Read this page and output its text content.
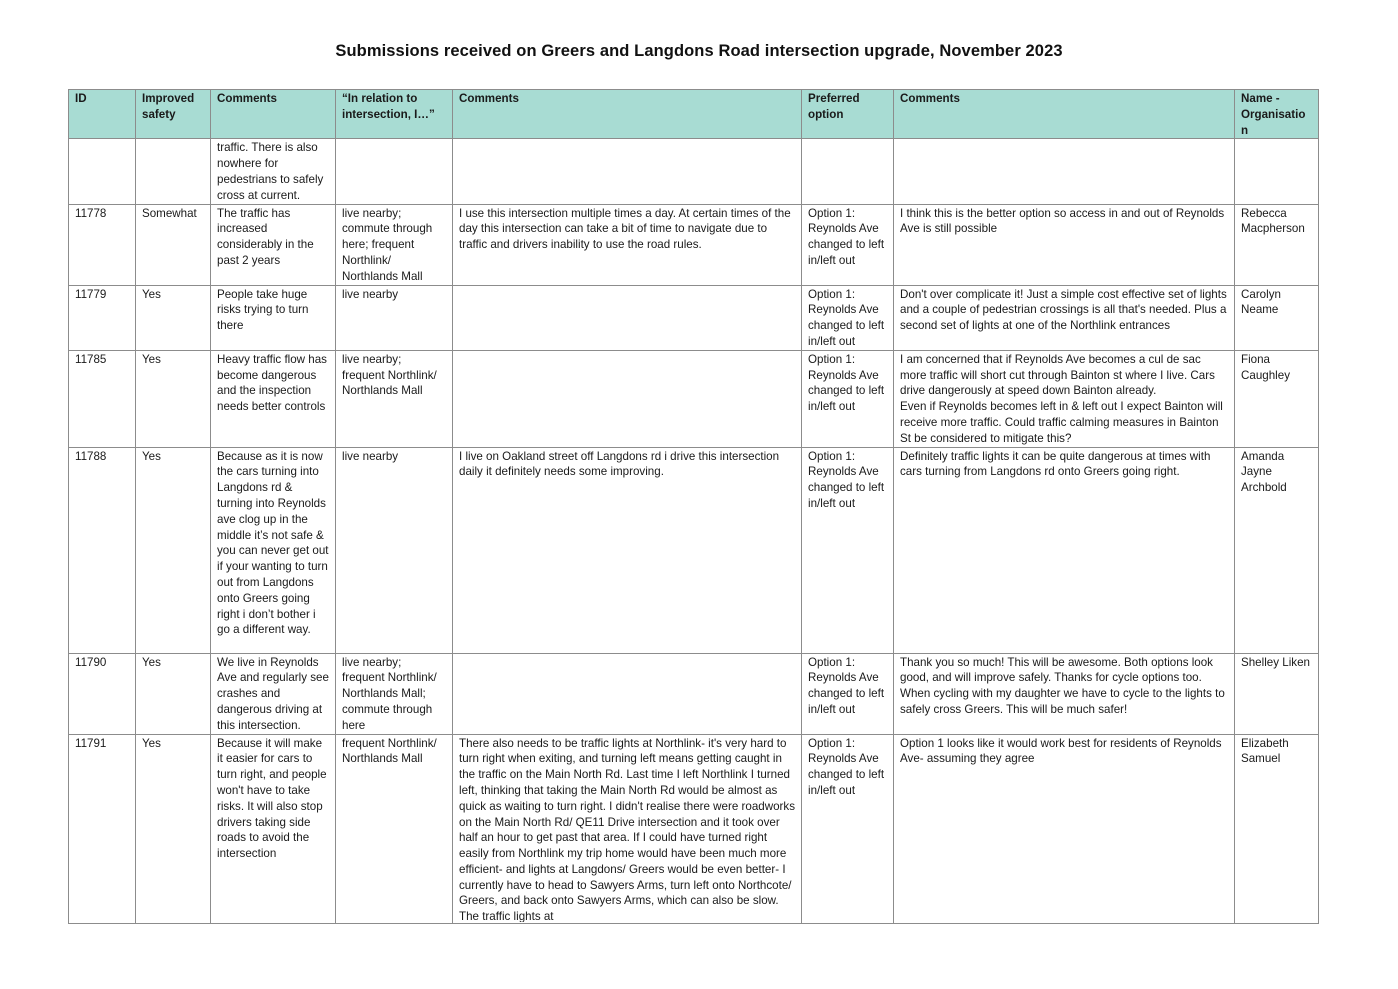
Submissions received on Greers and Langdons Road intersection upgrade, November 2023
ID	Improved safety	Comments	“In relation to intersection, I…”	Comments	Preferred option	Comments	Name - Organisation
		traffic. There is also nowhere for pedestrians to safely cross at current.					
11778	Somewhat	The traffic has increased considerably in the past 2 years	live nearby; commute through here; frequent Northlink/ Northlands Mall	I use this intersection multiple times a day. At certain times of the day this intersection can take a bit of time to navigate due to traffic and drivers inability to use the road rules.	Option 1: Reynolds Ave changed to left in/left out	I think this is the better option so access in and out of Reynolds Ave is still possible	Rebecca Macpherson
11779	Yes	People take huge risks trying to turn there	live nearby		Option 1: Reynolds Ave changed to left in/left out	Don't over complicate it! Just a simple cost effective set of lights and a couple of pedestrian crossings is all that's needed. Plus a second set of lights at one of the Northlink entrances	Carolyn Neame
11785	Yes	Heavy traffic flow has become dangerous and the inspection needs better controls	live nearby; frequent Northlink/ Northlands Mall		Option 1: Reynolds Ave changed to left in/left out	I am concerned that if Reynolds Ave becomes a cul de sac more traffic will short cut through Bainton st where I live. Cars drive dangerously at speed down Bainton already.
Even if Reynolds becomes left in & left out I expect Bainton will receive more traffic. Could traffic calming measures in Bainton St be considered to mitigate this?	Fiona Caughley
11788	Yes	Because as it is now the cars turning into Langdons rd & turning into Reynolds ave clog up in the middle it’s not safe & you can never get out if your wanting to turn out from Langdons onto Greers going right i don’t bother i go a different way.	live nearby	I live on Oakland street off Langdons rd i drive this intersection daily it definitely needs some improving.	Option 1: Reynolds Ave changed to left in/left out	Definitely traffic lights it can be quite dangerous at times with cars turning from Langdons rd onto Greers going right.	Amanda Jayne Archbold
11790	Yes	We live in Reynolds Ave and regularly see crashes and dangerous driving at this intersection.	live nearby; frequent Northlink/ Northlands Mall; commute through here		Option 1: Reynolds Ave changed to left in/left out	Thank you so much! This will be awesome. Both options look good, and will improve safely. Thanks for cycle options too. When cycling with my daughter we have to cycle to the lights to safely cross Greers. This will be much safer!	Shelley Liken
11791	Yes	Because it will make it easier for cars to turn right, and people won't have to take risks. It will also stop drivers taking side roads to avoid the intersection	frequent Northlink/ Northlands Mall	There also needs to be traffic lights at Northlink- it's very hard to turn right when exiting, and turning left means getting caught in the traffic on the Main North Rd. Last time I left Northlink I turned left, thinking that taking the Main North Rd would be almost as quick as waiting to turn right. I didn't realise there were roadworks on the Main North Rd/ QE11 Drive intersection and it took over half an hour to get past that area. If I could have turned right easily from Northlink my trip home would have been much more efficient- and lights at Langdons/ Greers would be even better- I currently have to head to Sawyers Arms, turn left onto Northcote/ Greers, and back onto Sawyers Arms, which can also be slow. The traffic lights at	Option 1: Reynolds Ave changed to left in/left out	Option 1 looks like it would work best for residents of Reynolds Ave- assuming they agree	Elizabeth Samuel
